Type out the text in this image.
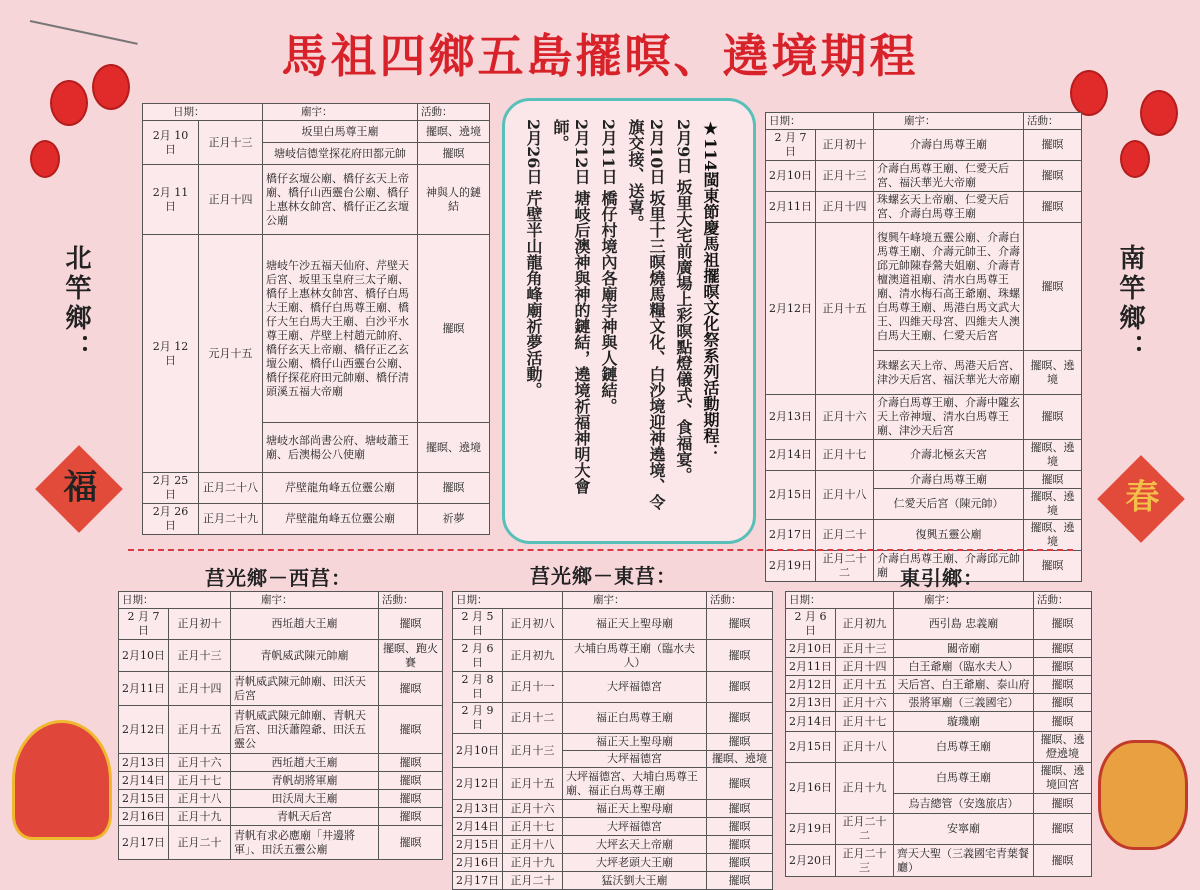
福	春
馬祖四鄉五島擺暝、遶境期程
北竿鄉：	南竿鄉：
日期：		廟宇：	活動：
2月 10 日	正月十三	坂里白馬尊王廟	擺暝、遶境
		塘岐信德堂探花府田都元帥	擺暝
2月 11 日	正月十四	橋仔玄壇公廟、橋仔玄天上帝廟、橋仔山西靈台公廟、橋仔上惠林女帥宮、橋仔正乙玄壇公廟	神與人的鏈結
2月 12 日	元月十五	塘岐午沙五福天仙府、芹壁天后宮、坂里玉皇府三太子廟、橋仔上惠林女帥宮、橋仔白馬大王廟、橋仔白馬尊王廟、橋仔大玍白馬大王廟、白沙平水尊王廟、芹壁上村趙元帥府、橋仔玄天上帝廟、橋仔正乙玄壇公廟、橋仔山西靈台公廟、橋仔探花府田元帥廟、橋仔清頭溪五福大帝廟	擺暝
		塘岐水部尚書公府、塘岐蕭王廟、后澳楊公八使廟	擺暝、遶境
2月 25 日	正月二十八	芹壁龍角峰五位靈公廟	擺暝
2月 26 日	正月二十九	芹壁龍角峰五位靈公廟	祈夢

★114閩東節慶馬祖擺暝文化祭系列活動期程：

2月9日 坂里大宅前廣場上彩暝點燈儀式、食福宴。

2月10日 坂里十三暝燒馬糧文化、白沙境迎神遶境、令旗交接、送喜。

2月11日 橋仔村境內各廟宇神與人鏈結。

2月12日 塘岐后澳神與神的鏈結，遶境祈福神明大會師。

2月26日 芹壁半山龍角峰廟祈夢活動。	日期：		廟宇：	活動：
2 月 7 日	正月初十	介壽白馬尊王廟	擺暝
2月10日	正月十三	介壽白馬尊王廟、仁愛天后宮、福沃華光大帝廟	擺暝
2月11日	正月十四	珠螺玄天上帝廟、仁愛天后宮、介壽白馬尊王廟	擺暝
2月12日	正月十五	復興午峰境五靈公廟、介壽白馬尊王廟、介壽元帥王、介壽邱元帥陳春鶯夫姐廟、介壽青檀澳道祖廟、清水白馬尊王廟、清水梅石高王爺廟、珠螺白馬尊王廟、馬港白馬文武大王、四維天母宮、四維夫人澳白馬大王廟、仁愛天后宮	擺暝
		珠螺玄天上帝、馬港天后宮、津沙天后宮、福沃華光大帝廟	擺暝、遶境
2月13日	正月十六	介壽白馬尊王廟、介壽中隴玄天上帝神壇、清水白馬尊王廟、津沙天后宮	擺暝
2月14日	正月十七	介壽北極玄天宮	擺暝、遶境
2月15日	正月十八	介壽白馬尊王廟	擺暝
		仁愛天后宮（陳元帥）	擺暝、遶境
2月17日	正月二十	復興五靈公廟	擺暝、遶境
2月19日	正月二十二	介壽白馬尊王廟、介壽邱元帥廟	擺暝
莒光鄉－西莒：	莒光鄉－東莒：	東引鄉：
日期：		廟宇：	活動：
2 月 7 日	正月初十	西坵趙大王廟	擺暝
2月10日	正月十三	青帆威武陳元帥廟	擺暝、跑火賽
2月11日	正月十四	青帆威武陳元帥廟、田沃天后宮	擺暝
2月12日	正月十五	青帆威武陳元帥廟、青帆天后宮、田沃蕭隍爺、田沃五靈公	擺暝
2月13日	正月十六	西坵趙大王廟	擺暝
2月14日	正月十七	青帆胡將軍廟	擺暝
2月15日	正月十八	田沃周大王廟	擺暝
2月16日	正月十九	青帆天后宮	擺暝
2月17日	正月二十	青帆有求必應廟「井邊將軍」、田沃五靈公廟	擺暝
日期：		廟宇：	活動：
2 月 5 日	正月初八	福正天上聖母廟	擺暝
2 月 6 日	正月初九	大埔白馬尊王廟（臨水夫人）	擺暝
2 月 8 日	正月十一	大坪福德宮	擺暝
2 月 9 日	正月十二	福正白馬尊王廟	擺暝
2月10日	正月十三	福正天上聖母廟	擺暝
		大坪福德宮	擺暝、遶境
2月12日	正月十五	大坪福德宮、大埔白馬尊王廟、福正白馬尊王廟	擺暝
2月13日	正月十六	福正天上聖母廟	擺暝
2月14日	正月十七	大坪福德宮	擺暝
2月15日	正月十八	大坪玄天上帝廟	擺暝
2月16日	正月十九	大坪老頭大王廟	擺暝
2月17日	正月二十	猛沃劉大王廟	擺暝
日期：		廟宇：	活動：
2 月 6 日	正月初九	西引島 忠義廟	擺暝
2月10日	正月十三	關帝廟	擺暝
2月11日	正月十四	白王爺廟（臨水夫人）	擺暝
2月12日	正月十五	天后宮、白王爺廟、泰山府	擺暝
2月13日	正月十六	張將軍廟（三義國宅）	擺暝
2月14日	正月十七	璇璣廟	擺暝
2月15日	正月十八	白馬尊王廟	擺暝、遶燈遶境
2月16日	正月十九	白馬尊王廟	擺暝、遶境回宮
		烏吉總管（安逸旅店）	擺暝
2月19日	正月二十二	安寧廟	擺暝
2月20日	正月二十三	齊天大聖（三義國宅青葉餐廳）	擺暝
